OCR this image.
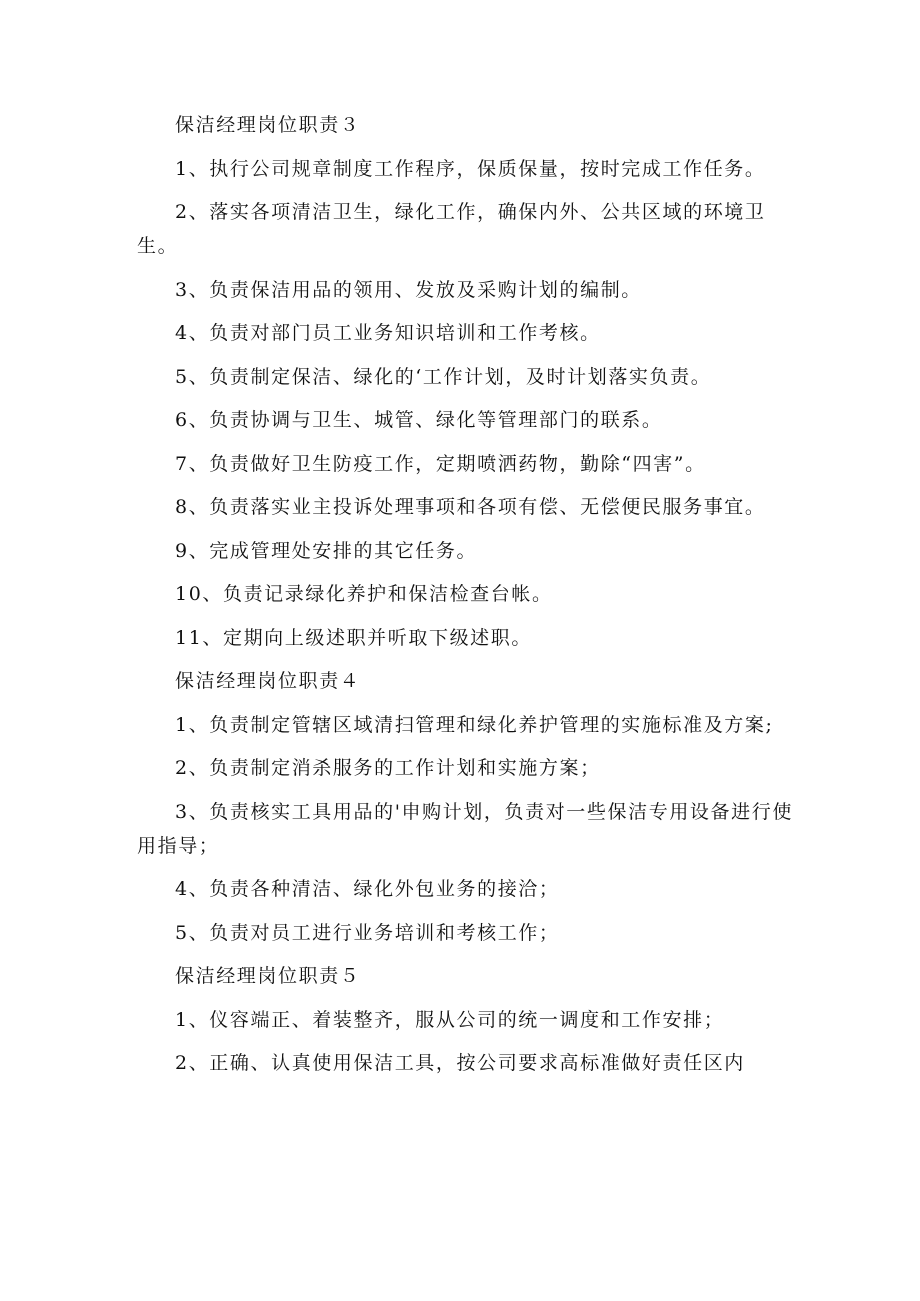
保洁经理岗位职责３

1、执行公司规章制度工作程序，保质保量，按时完成工作任务。

2、落实各项清洁卫生，绿化工作，确保内外、公共区域的环境卫生。

3、负责保洁用品的领用、发放及采购计划的编制。

4、负责对部门员工业务知识培训和工作考核。

5、负责制定保洁、绿化的‘工作计划，及时计划落实负责。

6、负责协调与卫生、城管、绿化等管理部门的联系。

7、负责做好卫生防疫工作，定期喷洒药物，勤除“四害”。

8、负责落实业主投诉处理事项和各项有偿、无偿便民服务事宜。

9、完成管理处安排的其它任务。

10、负责记录绿化养护和保洁检查台帐。

11、定期向上级述职并听取下级述职。

保洁经理岗位职责４

1、负责制定管辖区域清扫管理和绿化养护管理的实施标准及方案;

2、负责制定消杀服务的工作计划和实施方案；

3、负责核实工具用品的'申购计划，负责对一些保洁专用设备进行使用指导；

4、负责各种清洁、绿化外包业务的接洽；

5、负责对员工进行业务培训和考核工作；

保洁经理岗位职责５

1、仪容端正、着装整齐，服从公司的统一调度和工作安排；

2、正确、认真使用保洁工具，按公司要求高标准做好责任区内
